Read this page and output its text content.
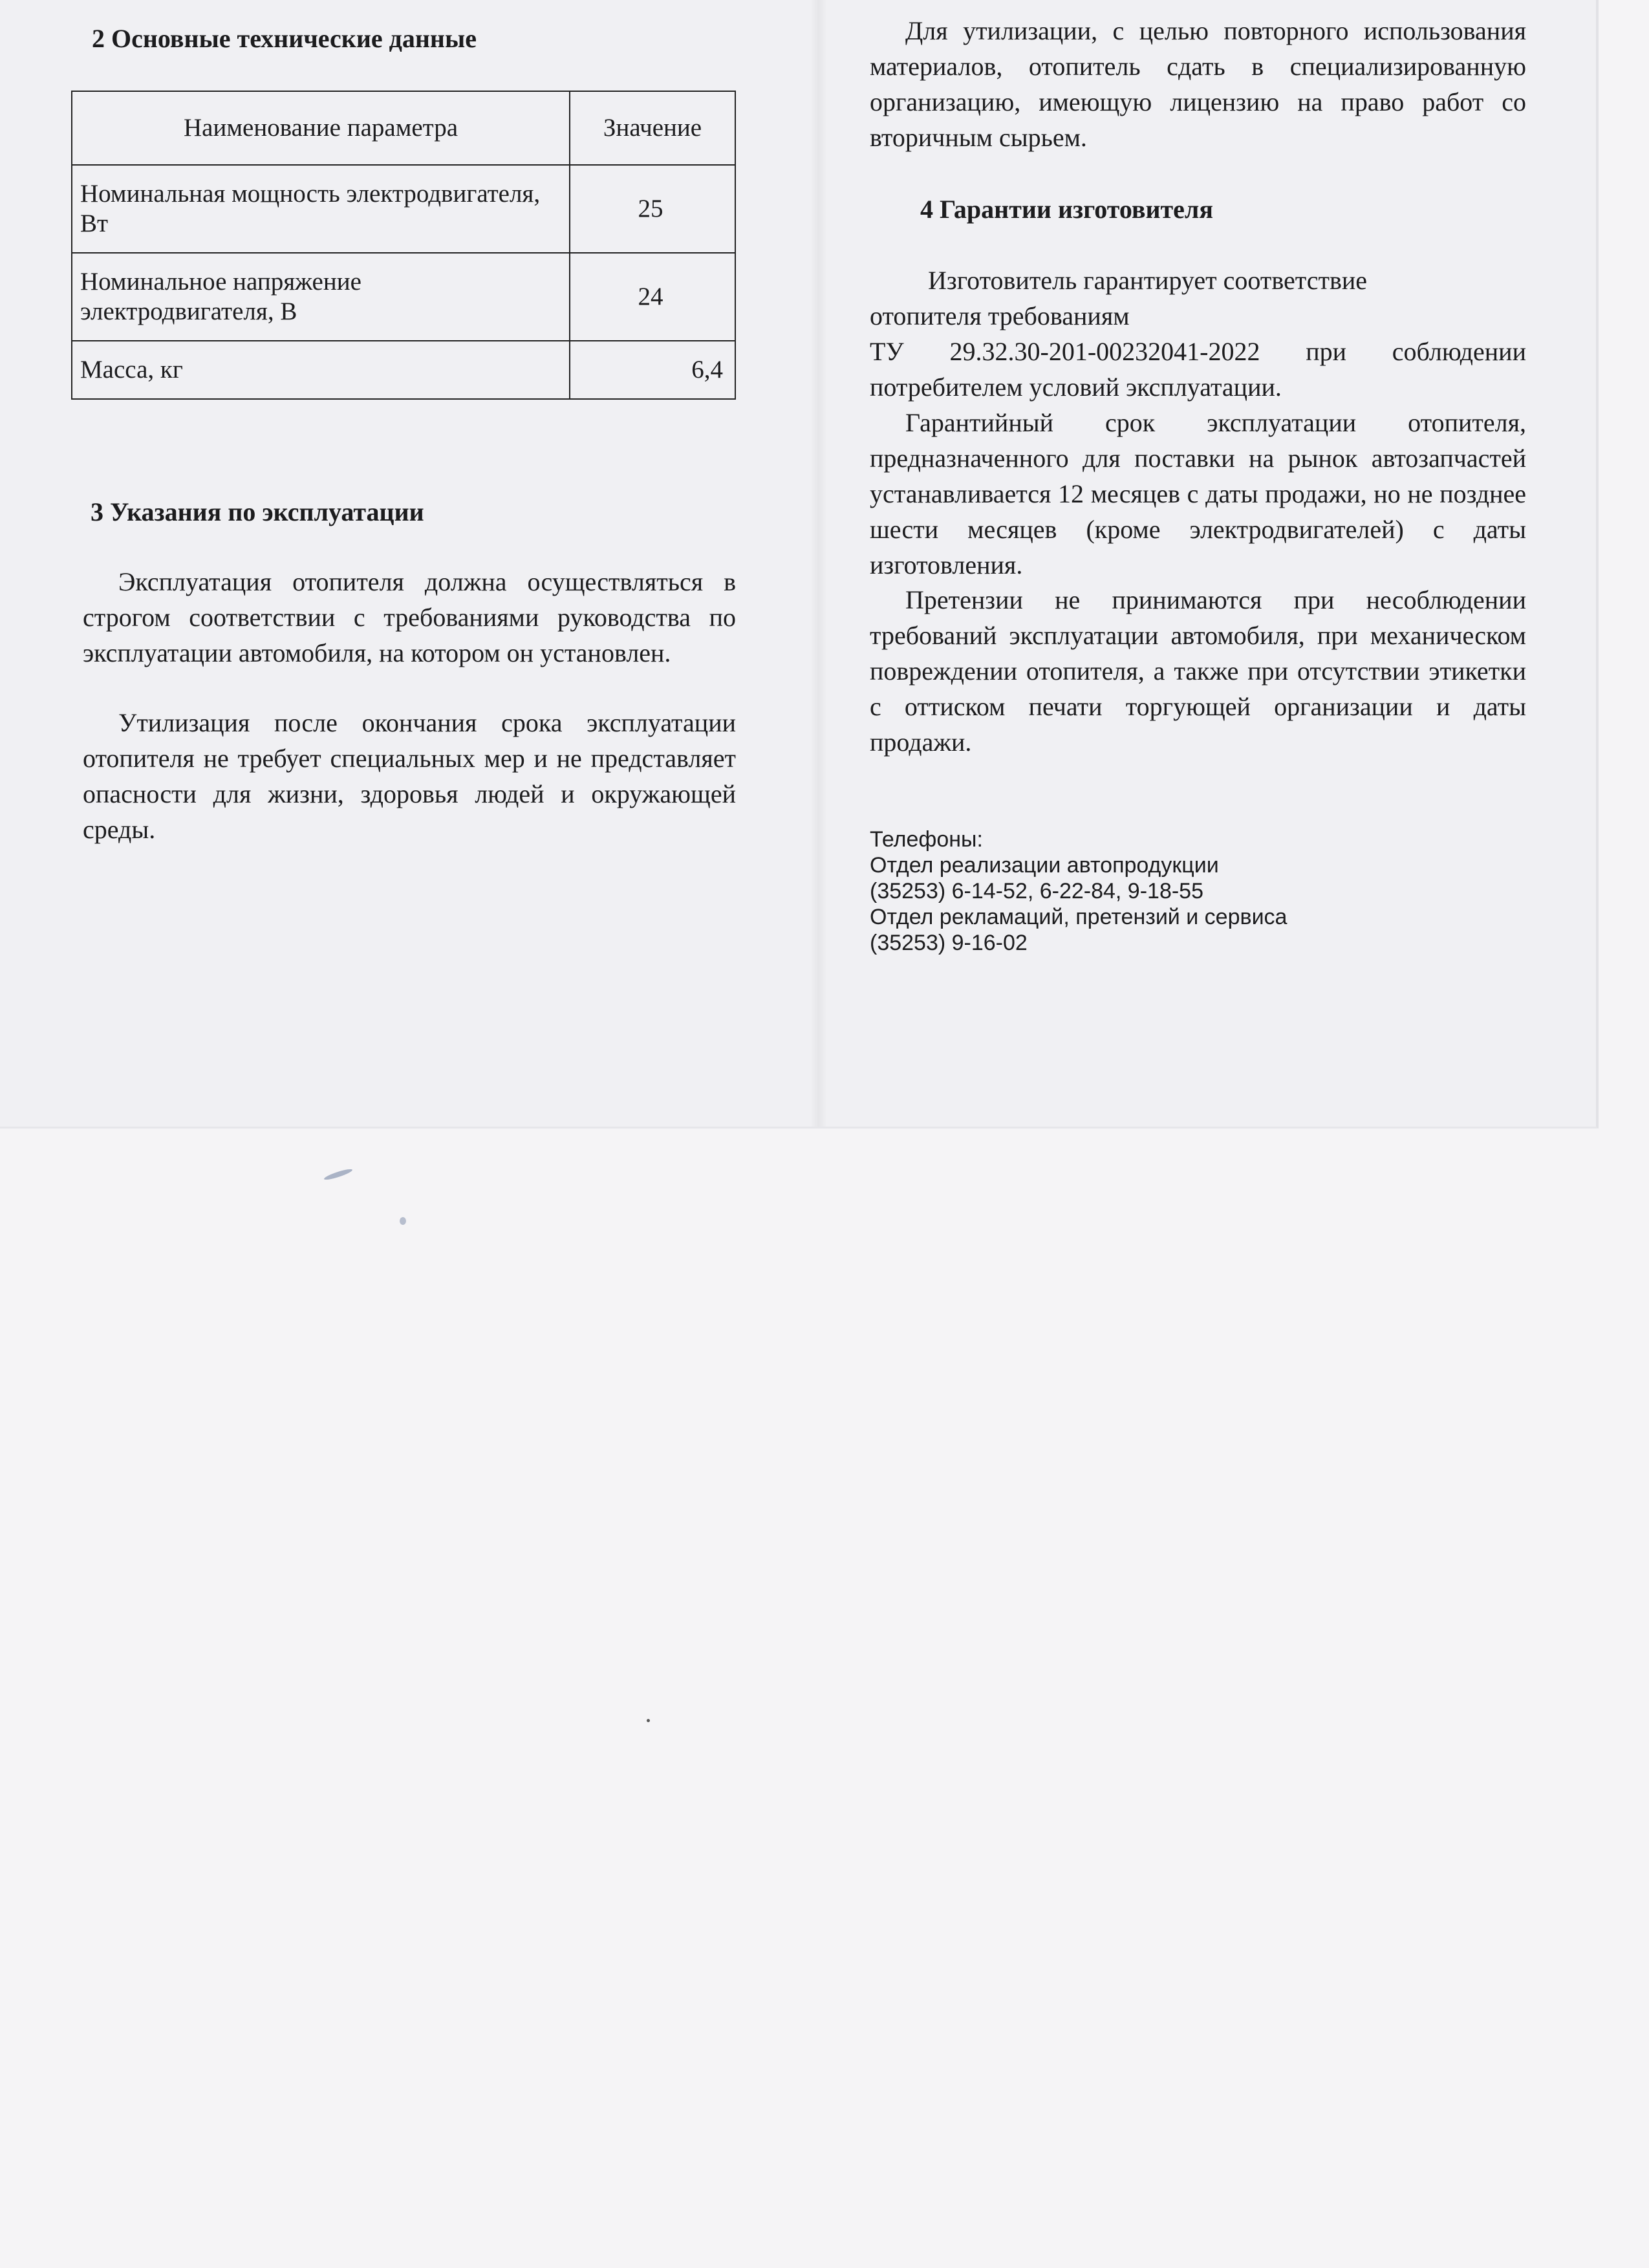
2 Основные технические данные
Наименование параметра	Значение
Номинальная мощность электродвигателя, Вт	25
Номинальное напряжение электродвигателя, В	24
Масса, кг	6,4
3 Указания по эксплуатации

Эксплуатация отопителя должна осуществляться в строгом соответствии с требованиями руководства по эксплуатации автомобиля, на котором он установлен.

Утилизация после окончания срока эксплуатации отопителя не требует специальных мер и не представляет опасности для жизни, здоровья людей и окружающей среды.

Для утилизации, с целью повторного использования материалов, отопитель сдать в специализированную организацию, имеющую лицензию на право работ со вторичным сырьем.

4 Гарантии изготовителя
Изготовитель гарантирует соответствие
отопителя требованиям
ТУ 29.32.30-201-00232041-2022 при соблюдении потребителем условий эксплуатации.

Гарантийный срок эксплуатации отопителя, предназначенного для поставки на рынок автозапчастей устанавливается 12 месяцев с даты продажи, но не позднее шести месяцев (кроме электродвигателей) с даты изготовления.

Претензии не принимаются при несоблюдении требований эксплуатации автомобиля, при механическом повреждении отопителя, а также при отсутствии этикетки с оттиском печати торгующей организации и даты продажи.

Телефоны:
Отдел реализации автопродукции
(35253) 6-14-52, 6-22-84, 9-18-55
Отдел рекламаций, претензий и сервиса
(35253) 9-16-02
